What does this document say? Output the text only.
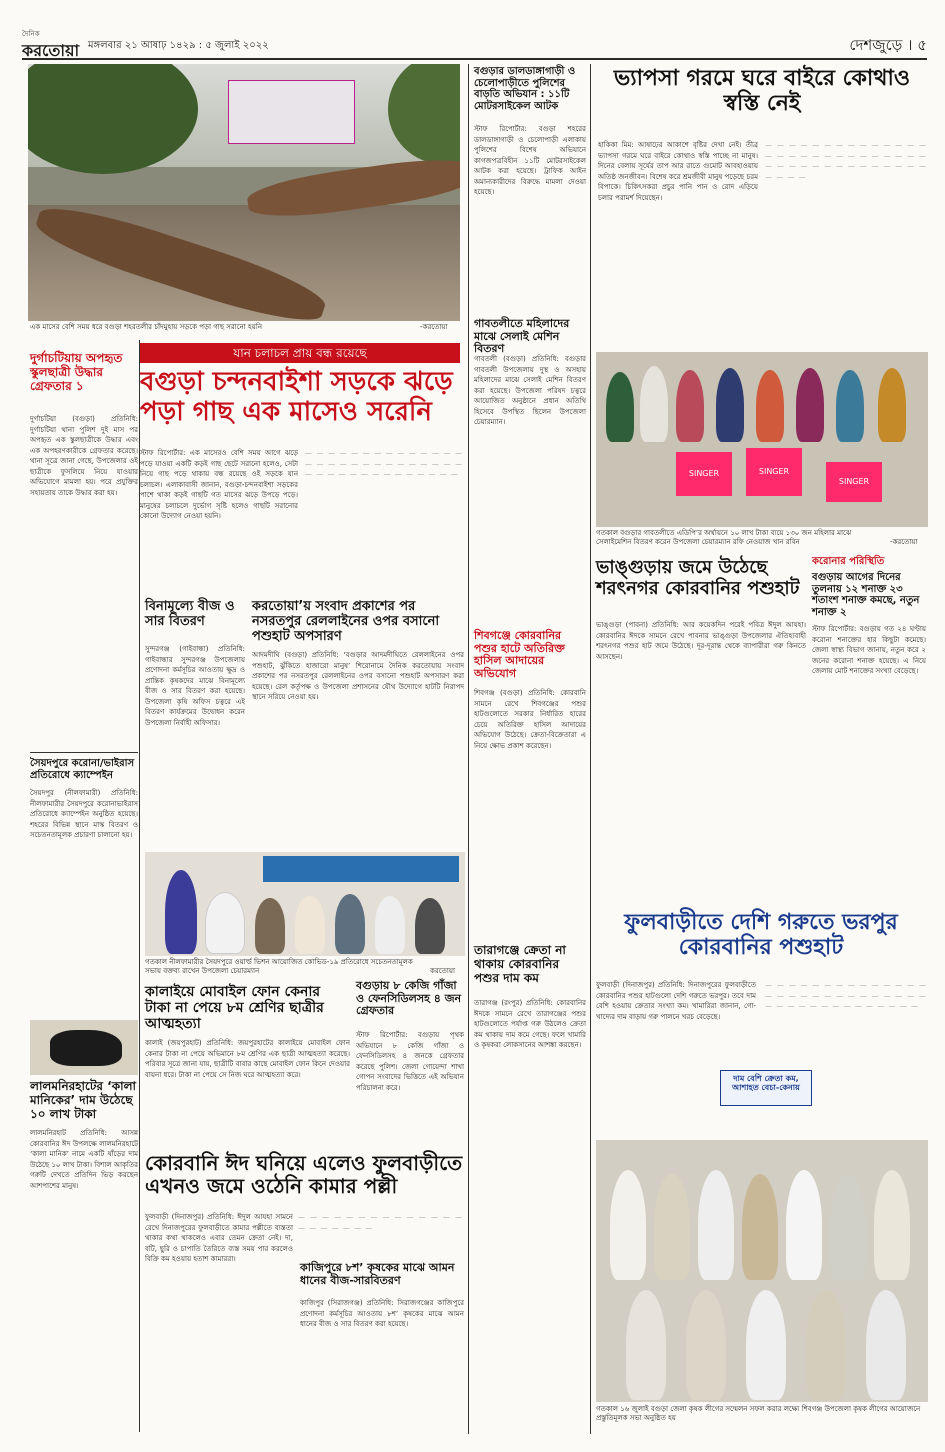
দৈনিক
করতোয়া মঙ্গলবার ২১ আষাঢ় ১৪২৯ : ৫ জুলাই ২০২২	দেশজুড়ে । ৫
এক মাসের বেশি সময় ধরে বগুড়া শহরতলীর চাঁদমুহায় সড়কে পড়া গাছ সরানো হয়নি	-করতোয়া
যান চলাচল প্রায় বন্ধ রয়েছে
বগুড়া চন্দনবাইশা সড়কে ঝড়ে পড়া গাছ এক মাসেও সরেনি
স্টাফ রিপোর্টার: এক মাসেরও বেশি সময় আগে ঝড়ে পড়ে যাওয়া একটি কড়ই গাছ ছেটে সরানো হলেও, সেটা নিয়ে গাছ পড়ে থাকায় বন্ধ রয়েছে ওই সড়কে যান চলাচল। এলাকাবাসী জানান, বগুড়া-চন্দনবাইশা সড়কের পাশে থাকা কড়ই গাছটি গত মাসের ঝড়ে উপড়ে পড়ে। মানুষের চলাচলে দুর্ভোগ সৃষ্টি হলেও গাছটি সরানোর কোনো উদ্যোগ নেওয়া হয়নি।
— — — — — — — — — — — — — — — — — — — — — — — — — — — — — — — — — — — — — — — — — —
দুর্গাচটিয়ায় অপহৃত স্কুলছাত্রী উদ্ধার গ্রেফতার ১
দুর্গাচটিয়া (বগুড়া) প্রতিনিধি: দুর্গাচটিয়া থানা পুলিশ দুই মাস পর অপহৃত এক স্কুলছাত্রীকে উদ্ধার এবং এক অপহরণকারীকে গ্রেফতার করেছে। থানা সূত্রে জানা গেছে, উপজেলার ওই ছাত্রীকে ফুসলিয়ে নিয়ে যাওয়ার অভিযোগে মামলা হয়। পরে প্রযুক্তির সহায়তায় তাকে উদ্ধার করা হয়।
সৈয়দপুরে করোনা/ভাইরাস প্রতিরোধে ক্যাম্পেইন
সৈয়দপুর (নীলফামারী) প্রতিনিধি: নীলফামারীর সৈয়দপুরে করোনাভাইরাস প্রতিরোধে ক্যাম্পেইন অনুষ্ঠিত হয়েছে। শহরের বিভিন্ন স্থানে মাস্ক বিতরণ ও সচেতনতামূলক প্রচারণা চালানো হয়।
লালমনিরহাটের ‘কালা মানিকের’ দাম উঠেছে ১০ লাখ টাকা
লালমনিরহাট প্রতিনিধি: আসন্ন কোরবানির ঈদ উপলক্ষে লালমনিরহাটে ‘কালা মানিক’ নামে একটি ষাঁড়ের দাম উঠেছে ১০ লাখ টাকা। বিশাল আকৃতির গরুটি দেখতে প্রতিদিন ভিড় করছেন আশপাশের মানুষ।
বিনামূল্যে বীজ ও সার বিতরণ
সুন্দরগঞ্জ (গাইবান্ধা) প্রতিনিধি: গাইবান্ধার সুন্দরগঞ্জ উপজেলায় প্রণোদনা কর্মসূচির আওতায় ক্ষুদ্র ও প্রান্তিক কৃষকদের মাঝে বিনামূল্যে বীজ ও সার বিতরণ করা হয়েছে। উপজেলা কৃষি অফিস চত্বরে এই বিতরণ কার্যক্রমের উদ্বোধন করেন উপজেলা নির্বাহী অফিসার।
করতোয়া’য় সংবাদ প্রকাশের পর নসরতপুর রেললাইনের ওপর বসানো পশুহাট অপসারণ
আদমদীঘি (বগুড়া) প্রতিনিধি: ‘বগুড়ার আদমদীঘিতে রেললাইনের ওপর পশুহাট, ঝুঁকিতে হাজারো মানুষ’ শিরোনামে দৈনিক করতোয়ায় সংবাদ প্রকাশের পর নসরতপুর রেললাইনের ওপর বসানো পশুহাট অপসারণ করা হয়েছে। রেল কর্তৃপক্ষ ও উপজেলা প্রশাসনের যৌথ উদ্যোগে হাটটি নিরাপদ স্থানে সরিয়ে নেওয়া হয়।
গতকাল নীলফামারীর সৈয়দপুরে ওয়ার্ল্ড ভিশন আয়োজিত কোভিড-১৯ প্রতিরোধে সচেতনতামূলক সভায় বক্তব্য রাখেন উপজেলা চেয়ারম্যান	করতোয়া
কালাইয়ে মোবাইল ফোন কেনার টাকা না পেয়ে ৮ম শ্রেণির ছাত্রীর আত্মহত্যা
কালাই (জয়পুরহাট) প্রতিনিধি: জয়পুরহাটের কালাইয়ে মোবাইল ফোন কেনার টাকা না পেয়ে অভিমানে ৮ম শ্রেণির এক ছাত্রী আত্মহত্যা করেছে। পরিবার সূত্রে জানা যায়, ছাত্রীটি বাবার কাছে মোবাইল ফোন কিনে দেওয়ার বায়না ধরে। টাকা না পেয়ে সে নিজ ঘরে আত্মহত্যা করে।
বগুড়ায় ৮ কেজি গাঁজা ও ফেনসিডিলসহ ৪ জন গ্রেফতার
স্টাফ রিপোর্টার: বগুড়ায় পৃথক অভিযানে ৮ কেজি গাঁজা ও ফেনসিডিলসহ ৪ জনকে গ্রেফতার করেছে পুলিশ। জেলা গোয়েন্দা শাখা গোপন সংবাদের ভিত্তিতে এই অভিযান পরিচালনা করে।
কোরবানি ঈদ ঘনিয়ে এলেও ফুলবাড়ীতে এখনও জমে ওঠেনি কামার পল্লী
ফুলবাড়ী (দিনাজপুর) প্রতিনিধি: ঈদুল আযহা সামনে রেখে দিনাজপুরের ফুলবাড়ীতে কামার পল্লীতে ব্যস্ততা থাকার কথা থাকলেও এবার তেমন ক্রেতা নেই। দা, বটি, ছুরি ও চাপাতি তৈরিতে ব্যস্ত সময় পার করলেও বিক্রি কম হওয়ায় হতাশ কামাররা।
— — — — — — — — — — — — — — — — — — — — —
কাজিপুরে ৮শ’ কৃষকের মাঝে আমন ধানের বীজ-সারবিতরণ
কাজিপুর (সিরাজগঞ্জ) প্রতিনিধি: সিরাজগঞ্জের কাজিপুরে প্রণোদনা কর্মসূচির আওতায় ৮শ’ কৃষকের মাঝে আমন ধানের বীজ ও সার বিতরণ করা হয়েছে।
বগুড়ার ডালডাঙ্গাগাড়ী ও চেলোপাড়ীতে পুলিশের বাড়তি অভিযান : ১১টি মোটরসাইকেল আটক
স্টাফ রিপোর্টার: বগুড়া শহরের ডালডাঙ্গাগাড়ী ও চেলোপাড়ী এলাকায় পুলিশের বিশেষ অভিযানে কাগজপত্রবিহীন ১১টি মোটরসাইকেল আটক করা হয়েছে। ট্রাফিক আইন অমান্যকারীদের বিরুদ্ধে মামলা দেওয়া হয়েছে।
গাবতলীতে মহিলাদের মাঝে সেলাই মেশিন বিতরণ
গাবতলী (বগুড়া) প্রতিনিধি: বগুড়ার গাবতলী উপজেলায় দুস্থ ও অসহায় মহিলাদের মাঝে সেলাই মেশিন বিতরণ করা হয়েছে। উপজেলা পরিষদ চত্বরে আয়োজিত অনুষ্ঠানে প্রধান অতিথি হিসেবে উপস্থিত ছিলেন উপজেলা চেয়ারম্যান।
শিবগঞ্জে কোরবানির পশুর হাটে অতিরিক্ত হাসিল আদায়ের অভিযোগ
শিবগঞ্জ (বগুড়া) প্রতিনিধি: কোরবানি সামনে রেখে শিবগঞ্জের পশুর হাটগুলোতে সরকার নির্ধারিত হারের চেয়ে অতিরিক্ত হাসিল আদায়ের অভিযোগ উঠেছে। ক্রেতা-বিক্রেতারা এ নিয়ে ক্ষোভ প্রকাশ করেছেন।
তারাগঞ্জে ক্রেতা না থাকায় কোরবানির পশুর দাম কম
তারাগঞ্জ (রংপুর) প্রতিনিধি: কোরবানির ঈদকে সামনে রেখে তারাগঞ্জের পশুর হাটগুলোতে পর্যাপ্ত গরু উঠলেও ক্রেতা কম থাকায় দাম কমে গেছে। ফলে খামারি ও কৃষকরা লোকসানের আশঙ্কা করছেন।
ভ্যাপসা গরমে ঘরে বাইরে কোথাও স্বস্তি নেই
হাকিকা মিম: আষাঢ়ের আকাশে বৃষ্টির দেখা নেই। তীব্র ভ্যাপসা গরমে ঘরে বাইরে কোথাও স্বস্তি পাচ্ছে না মানুষ। দিনের বেলায় সূর্যের তাপ আর রাতে গুমোট আবহাওয়ায় অতিষ্ঠ জনজীবন। বিশেষ করে শ্রমজীবী মানুষ পড়েছে চরম বিপাকে। চিকিৎসকরা প্রচুর পানি পান ও রোদ এড়িয়ে চলার পরামর্শ দিয়েছেন।
— — — — — — — — — — — — — — — — — — — — — — — — — — — — — — — — — — — — — — — — — — — — — —
SINGER	SINGER
SINGER
গতকাল বগুড়ার গাবতলীতে এডিপি’র অর্থায়নে ১০ লাখ টাকা ব্যয়ে ১৩০ জন মহিলার মাঝে সেলাইমেশিন বিতরণ করেন উপজেলা চেয়ারম্যান রফি নেওয়াজ খান রবিন	-করতোয়া
ভাঙ্গুড়ায় জমে উঠেছে শরৎনগর কোরবানির পশুহাট
ভাঙ্গুড়া (পাবনা) প্রতিনিধি: আর কয়েকদিন পরেই পবিত্র ঈদুল আযহা। কোরবানির ঈদকে সামনে রেখে পাবনার ভাঙ্গুড়া উপজেলার ঐতিহ্যবাহী শরৎনগর পশুর হাট জমে উঠেছে। দূর-দূরান্ত থেকে ব্যাপারীরা গরু কিনতে আসছেন।
করোনার পরিস্থিতি
বগুড়ায় আগের দিনের তুলনায় ১২ শনাক্ত ২৩ শতাংশ শনাক্ত কমছে, নতুন শনাক্ত ২
স্টাফ রিপোর্টার: বগুড়ায় গত ২৪ ঘণ্টায় করোনা শনাক্তের হার কিছুটা কমেছে। জেলা স্বাস্থ্য বিভাগ জানায়, নতুন করে ২ জনের করোনা শনাক্ত হয়েছে। এ নিয়ে জেলায় মোট শনাক্তের সংখ্যা বেড়েছে।
ফুলবাড়ীতে দেশি গরুতে ভরপুর কোরবানির পশুহাট
ফুলবাড়ী (দিনাজপুর) প্রতিনিধি: দিনাজপুরের ফুলবাড়ীতে কোরবানির পশুর হাটগুলো দেশি গরুতে ভরপুর। তবে দাম বেশি হওয়ায় ক্রেতার সংখ্যা কম। খামারিরা জানান, গো-খাদ্যের দাম বাড়ায় গরু পালনে খরচ বেড়েছে।
দাম বেশি ক্রেতা কম, আশাহত বেচা-কেনায়
— — — — — — — — — — — — — — — — — — — — — — — — — — — — — — — — — — — — — — — — — —
গতকাল ১৬ জুলাই বগুড়া জেলা কৃষক লীগের সম্মেলন সফল করার লক্ষ্যে শিবগঞ্জ উপজেলা কৃষক লীগের আয়োজনে প্রস্তুতিমূলক সভা অনুষ্ঠিত হয়
